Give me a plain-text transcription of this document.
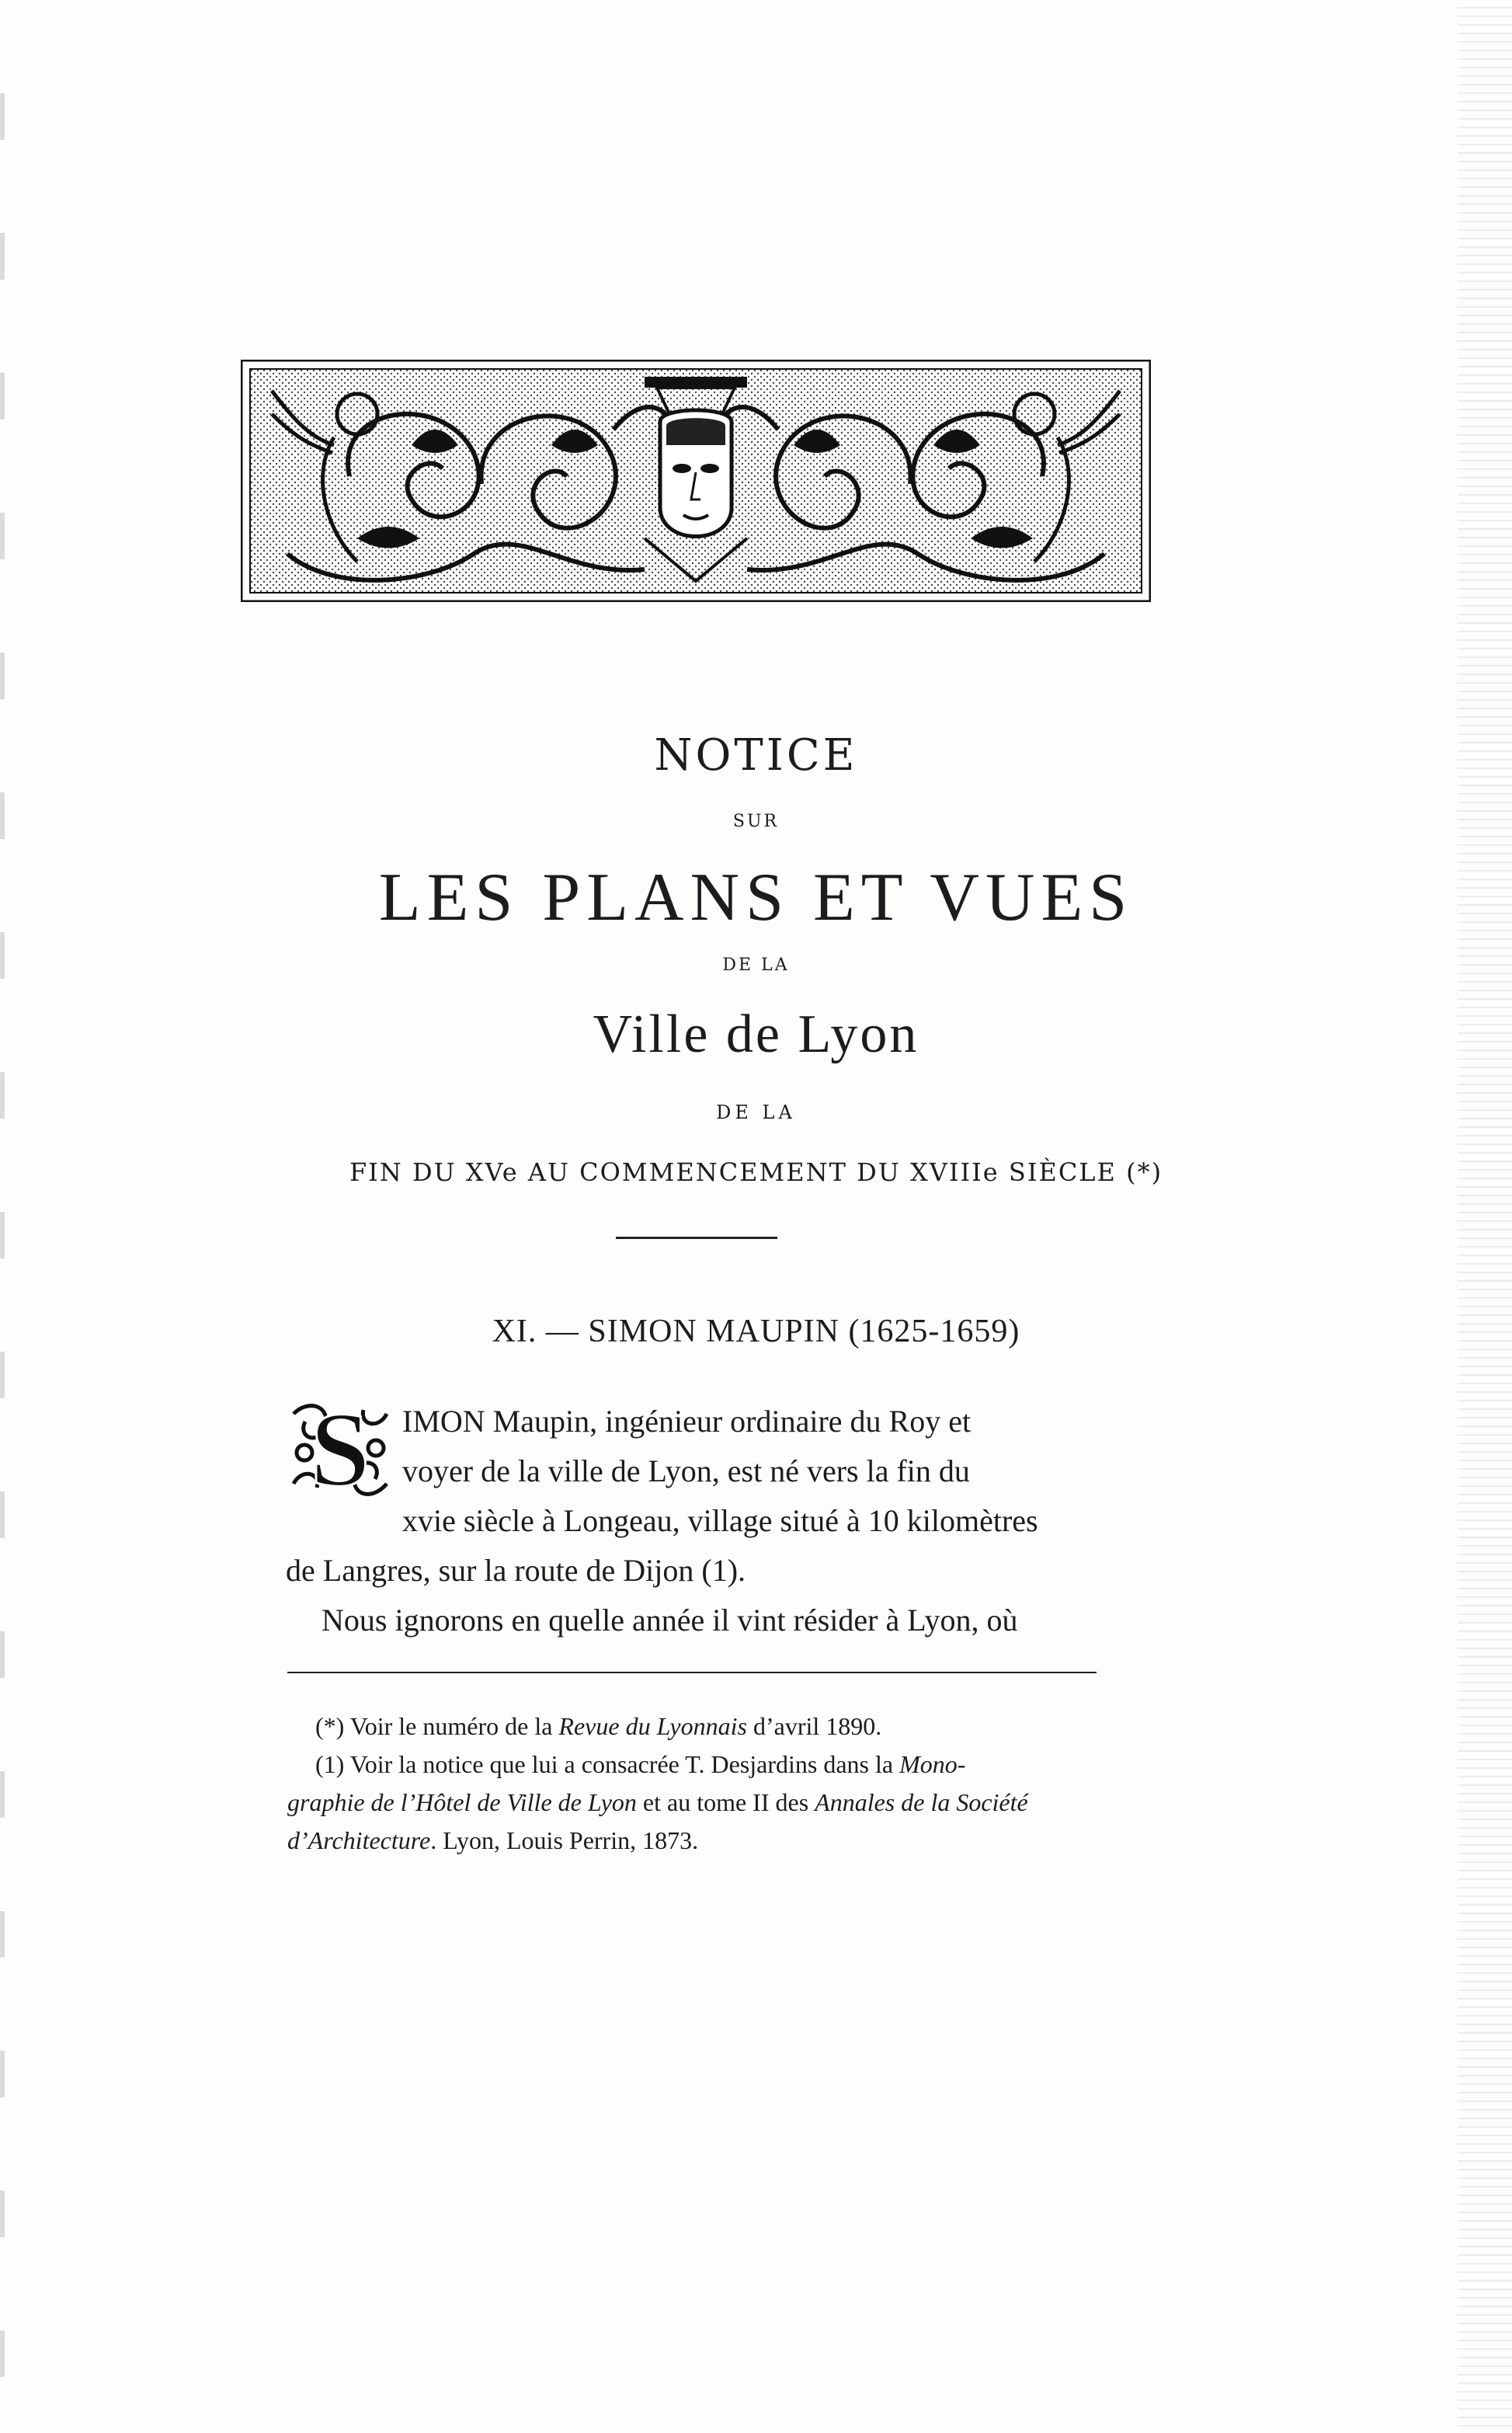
NOTICE
SUR
LES PLANS ET VUES
DE LA
Ville de Lyon
DE LA
FIN DU XVe AU COMMENCEMENT DU XVIIIe SIÈCLE (*)
XI. — SIMON MAUPIN (1625-1659)
S	IMON Maupin, ingénieur ordinaire du Roy et
voyer de la ville de Lyon, est né vers la fin du
xvie siècle à Longeau, village situé à 10 kilomètres
de Langres, sur la route de Dijon (1).
Nous ignorons en quelle année il vint résider à Lyon, où
(*) Voir le numéro de la Revue du Lyonnais d’avril 1890.
(1) Voir la notice que lui a consacrée T. Desjardins dans la Mono-
graphie de l’Hôtel de Ville de Lyon et au tome II des Annales de la Société
d’Architecture. Lyon, Louis Perrin, 1873.
